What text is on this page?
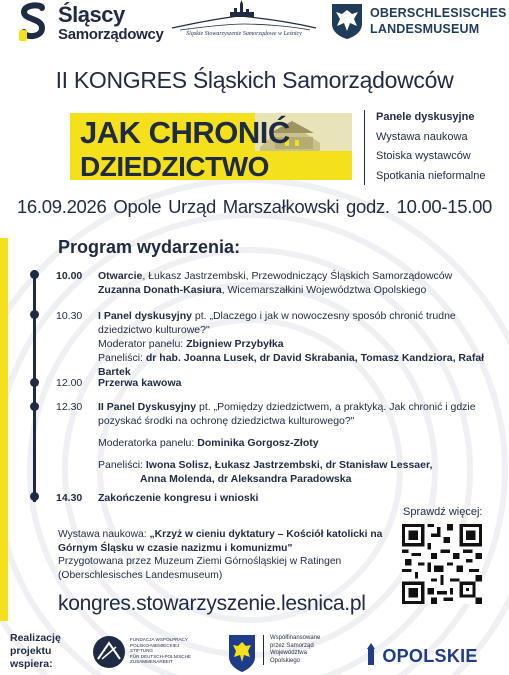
Śląscy
Samorządowcy	Śląskie Stowarzyszenie Samorządowe w Leśnicy
OBERSCHLESISCHES
LANDESMUSEUM
II KONGRES Śląskich Samorządowców
JAK CHRONIĆ
DZIEDZICTWO
Panele dyskusyjne
Wystawa naukowa
Stoiska wystawców
Spotkania nieformalne
16.09.2026 Opole Urząd Marszałkowski godz. 10.00-15.00
Program wydarzenia:
10.00	Otwarcie, Łukasz Jastrzembski, Przewodniczący Śląskich Samorządowców
Zuzanna Donath-Kasiura, Wicemarszałkini Województwa Opolskiego
10.30	I Panel dyskusyjny pt. „Dlaczego i jak w nowoczesny sposób chronić trudne
dziedzictwo kulturowe?"
Moderator panelu: Zbigniew Przybyłka
Paneliści: dr hab. Joanna Lusek, dr David Skrabania, Tomasz Kandziora, Rafał Bartek
12.00	Przerwa kawowa
12.30	II Panel Dyskusyjny pt. „Pomiędzy dziedzictwem, a praktyką. Jak chronić i gdzie
pozyskać środki na ochronę dziedzictwa kulturowego?"
Moderatorka panelu: Dominika Gorgosz-Złoty
Paneliści: Iwona Solisz, Łukasz Jastrzembski, dr Stanisław Lessaer,
Anna Molenda, dr Aleksandra Paradowska
14.30	Zakończenie kongresu i wnioski
Wystawa naukowa: „Krzyż w cieniu dyktatury – Kościół katolicki na
Górnym Śląsku w czasie nazizmu i komunizmu"
Przygotowana przez Muzeum Ziemi Górnośląskiej w Ratingen
(Oberschlesisches Landesmuseum)
kongres.stowarzyszenie.lesnica.pl
Sprawdź więcej:
Realizację
projektu
wspiera:
FUNDACJA WSPÓŁPRACY
POLSKO-NIEMIECKIEJ
STIFTUNG
FÜR DEUTSCH-POLNISCHE
ZUSAMMENARBEIT
Współfinansowane
przez Samorząd
Województwa
Opolskiego	OPOLSKIE
